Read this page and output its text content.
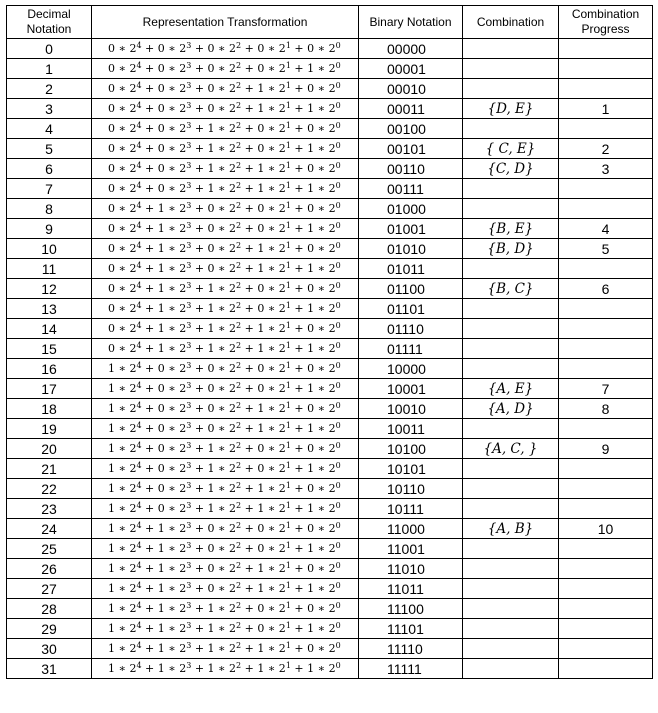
Decimal Notation	Representation Transformation	Binary Notation	Combination	Combination Progress
0	0 ∗ $2^4 + 0$ ∗ $2^3 + 0$ ∗ $2^2 + 0$ ∗ $2^1 + 0$ ∗ $2^0$	00000		
1	0 ∗ $2^4 + 0$ ∗ $2^3 + 0$ ∗ $2^2 + 0$ ∗ $2^1 + 1$ ∗ $2^0$	00001		
2	0 ∗ $2^4 + 0$ ∗ $2^3 + 0$ ∗ $2^2 + 1$ ∗ $2^1 + 0$ ∗ $2^0$	00010		
3	0 ∗ $2^4 + 0$ ∗ $2^3 + 0$ ∗ $2^2 + 1$ ∗ $2^1 + 1$ ∗ $2^0$	00011	{D, E}	1
4	0 ∗ $2^4 + 0$ ∗ $2^3 + 1$ ∗ $2^2 + 0$ ∗ $2^1 + 0$ ∗ $2^0$	00100		
5	0 ∗ $2^4 + 0$ ∗ $2^3 + 1$ ∗ $2^2 + 0$ ∗ $2^1 + 1$ ∗ $2^0$	00101	{ C, E}	2
6	0 ∗ $2^4 + 0$ ∗ $2^3 + 1$ ∗ $2^2 + 1$ ∗ $2^1 + 0$ ∗ $2^0$	00110	{C, D}	3
7	0 ∗ $2^4 + 0$ ∗ $2^3 + 1$ ∗ $2^2 + 1$ ∗ $2^1 + 1$ ∗ $2^0$	00111		
8	0 ∗ $2^4 + 1$ ∗ $2^3 + 0$ ∗ $2^2 + 0$ ∗ $2^1 + 0$ ∗ $2^0$	01000		
9	0 ∗ $2^4 + 1$ ∗ $2^3 + 0$ ∗ $2^2 + 0$ ∗ $2^1 + 1$ ∗ $2^0$	01001	{B, E}	4
10	0 ∗ $2^4 + 1$ ∗ $2^3 + 0$ ∗ $2^2 + 1$ ∗ $2^1 + 0$ ∗ $2^0$	01010	{B, D}	5
11	0 ∗ $2^4 + 1$ ∗ $2^3 + 0$ ∗ $2^2 + 1$ ∗ $2^1 + 1$ ∗ $2^0$	01011		
12	0 ∗ $2^4 + 1$ ∗ $2^3 + 1$ ∗ $2^2 + 0$ ∗ $2^1 + 0$ ∗ $2^0$	01100	{B, C}	6
13	0 ∗ $2^4 + 1$ ∗ $2^3 + 1$ ∗ $2^2 + 0$ ∗ $2^1 + 1$ ∗ $2^0$	01101		
14	0 ∗ $2^4 + 1$ ∗ $2^3 + 1$ ∗ $2^2 + 1$ ∗ $2^1 + 0$ ∗ $2^0$	01110		
15	0 ∗ $2^4 + 1$ ∗ $2^3 + 1$ ∗ $2^2 + 1$ ∗ $2^1 + 1$ ∗ $2^0$	01111		
16	1 ∗ $2^4 + 0$ ∗ $2^3 + 0$ ∗ $2^2 + 0$ ∗ $2^1 + 0$ ∗ $2^0$	10000		
17	1 ∗ $2^4 + 0$ ∗ $2^3 + 0$ ∗ $2^2 + 0$ ∗ $2^1 + 1$ ∗ $2^0$	10001	{A, E}	7
18	1 ∗ $2^4 + 0$ ∗ $2^3 + 0$ ∗ $2^2 + 1$ ∗ $2^1 + 0$ ∗ $2^0$	10010	{A, D}	8
19	1 ∗ $2^4 + 0$ ∗ $2^3 + 0$ ∗ $2^2 + 1$ ∗ $2^1 + 1$ ∗ $2^0$	10011		
20	1 ∗ $2^4 + 0$ ∗ $2^3 + 1$ ∗ $2^2 + 0$ ∗ $2^1 + 0$ ∗ $2^0$	10100	{A, C, }	9
21	1 ∗ $2^4 + 0$ ∗ $2^3 + 1$ ∗ $2^2 + 0$ ∗ $2^1 + 1$ ∗ $2^0$	10101		
22	1 ∗ $2^4 + 0$ ∗ $2^3 + 1$ ∗ $2^2 + 1$ ∗ $2^1 + 0$ ∗ $2^0$	10110		
23	1 ∗ $2^4 + 0$ ∗ $2^3 + 1$ ∗ $2^2 + 1$ ∗ $2^1 + 1$ ∗ $2^0$	10111		
24	1 ∗ $2^4 + 1$ ∗ $2^3 + 0$ ∗ $2^2 + 0$ ∗ $2^1 + 0$ ∗ $2^0$	11000	{A, B}	10
25	1 ∗ $2^4 + 1$ ∗ $2^3 + 0$ ∗ $2^2 + 0$ ∗ $2^1 + 1$ ∗ $2^0$	11001		
26	1 ∗ $2^4 + 1$ ∗ $2^3 + 0$ ∗ $2^2 + 1$ ∗ $2^1 + 0$ ∗ $2^0$	11010		
27	1 ∗ $2^4 + 1$ ∗ $2^3 + 0$ ∗ $2^2 + 1$ ∗ $2^1 + 1$ ∗ $2^0$	11011		
28	1 ∗ $2^4 + 1$ ∗ $2^3 + 1$ ∗ $2^2 + 0$ ∗ $2^1 + 0$ ∗ $2^0$	11100		
29	1 ∗ $2^4 + 1$ ∗ $2^3 + 1$ ∗ $2^2 + 0$ ∗ $2^1 + 1$ ∗ $2^0$	11101		
30	1 ∗ $2^4 + 1$ ∗ $2^3 + 1$ ∗ $2^2 + 1$ ∗ $2^1 + 0$ ∗ $2^0$	11110		
31	1 ∗ $2^4 + 1$ ∗ $2^3 + 1$ ∗ $2^2 + 1$ ∗ $2^1 + 1$ ∗ $2^0$	11111		
